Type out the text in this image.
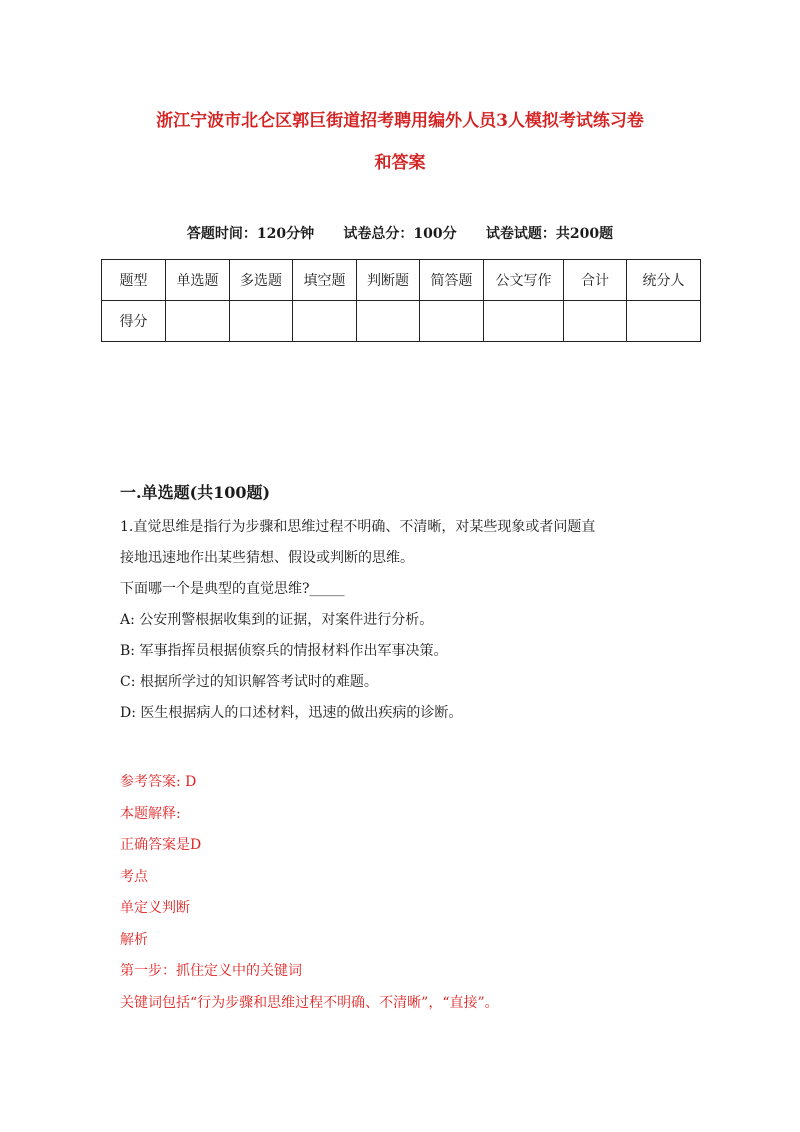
浙江宁波市北仑区郭巨街道招考聘用编外人员3人模拟考试练习卷
和答案
答题时间：120分钟 试卷总分：100分 试卷试题：共200题
题型	单选题	多选题	填空题	判断题	简答题	公文写作	合计	统分人
得分								
一.单选题(共100题)

1.直觉思维是指行为步骤和思维过程不明确、不清晰，对某些现象或者问题直

接地迅速地作出某些猜想、假设或判断的思维。

下面哪一个是典型的直觉思维?_____

A: 公安刑警根据收集到的证据，对案件进行分析。

B: 军事指挥员根据侦察兵的情报材料作出军事决策。

C: 根据所学过的知识解答考试时的难题。

D: 医生根据病人的口述材料，迅速的做出疾病的诊断。

参考答案: D

本题解释:

正确答案是D

考点

单定义判断

解析

第一步：抓住定义中的关键词

关键词包括“行为步骤和思维过程不明确、不清晰”，“直接”。
